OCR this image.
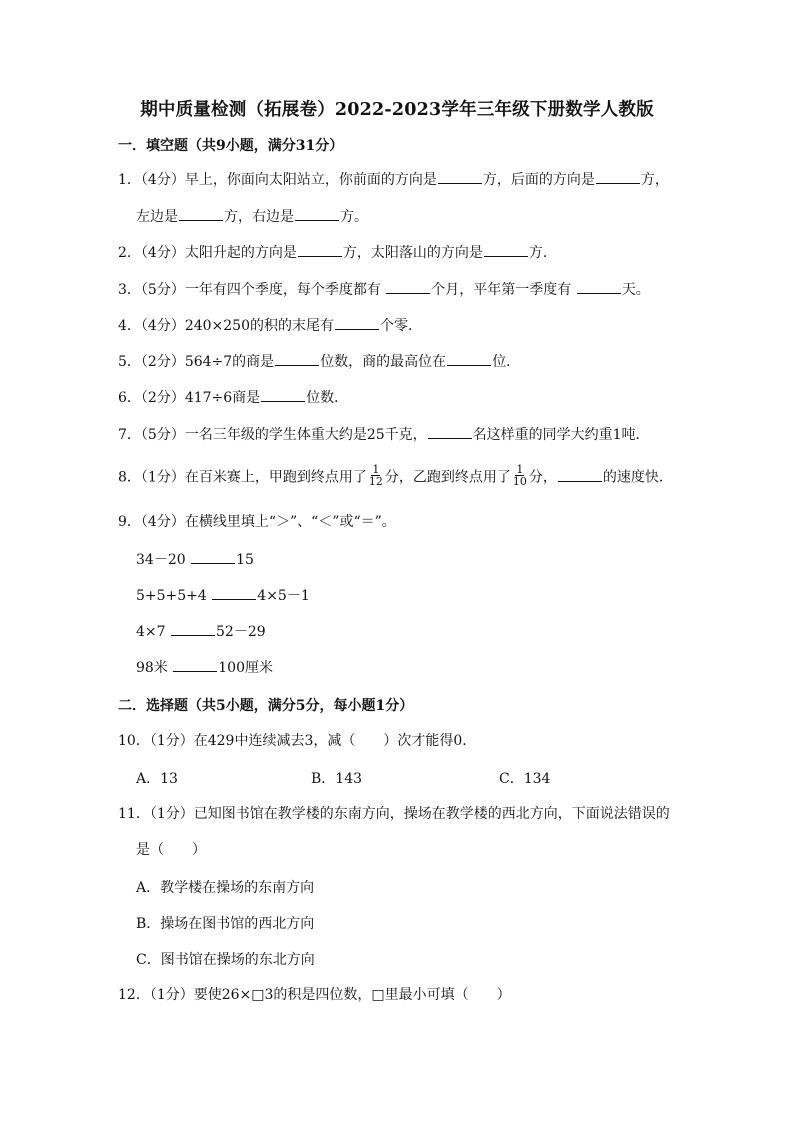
期中质量检测（拓展卷）2022-2023学年三年级下册数学人教版
一．填空题（共9小题，满分31分）
1．（4分）早上，你面向太阳站立，你前面的方向是	方，后面的方向是	方，
左边是	方，右边是	方。
2．（4分）太阳升起的方向是	方，太阳落山的方向是	方．
3．（5分）一年有四个季度，每个季度都有	个月，平年第一季度有	天。
4．（4分）240×250的积的末尾有	个零．
5．（2分）564÷7的商是	位数，商的最高位在	位．
6．（2分）417÷6商是	位数．
7．（5分）一名三年级的学生体重大约是25千克，	名这样重的同学大约重1吨．
8．（1分）在百米赛上，甲跑到终点用了 $\frac{1}{12}$ 分，乙跑到终点用了 $\frac{1}{10}$ 分，	的速度快．
9．（4分）在横线里填上“＞”、“＜”或“＝”。
34－20	15
5+5+5+4	4×5－1
4×7	52－29
98米	100厘米
二．选择题（共5小题，满分5分，每小题1分）
10．（1分）在429中连续减去3，减（　　）次才能得0．
A．13	B．143	C．134
11．（1分）已知图书馆在教学楼的东南方向，操场在教学楼的西北方向，下面说法错误的
是（　　）
A．教学楼在操场的东南方向
B．操场在图书馆的西北方向
C．图书馆在操场的东北方向
12．（1分）要使26×□3的积是四位数，□里最小可填（　　）
